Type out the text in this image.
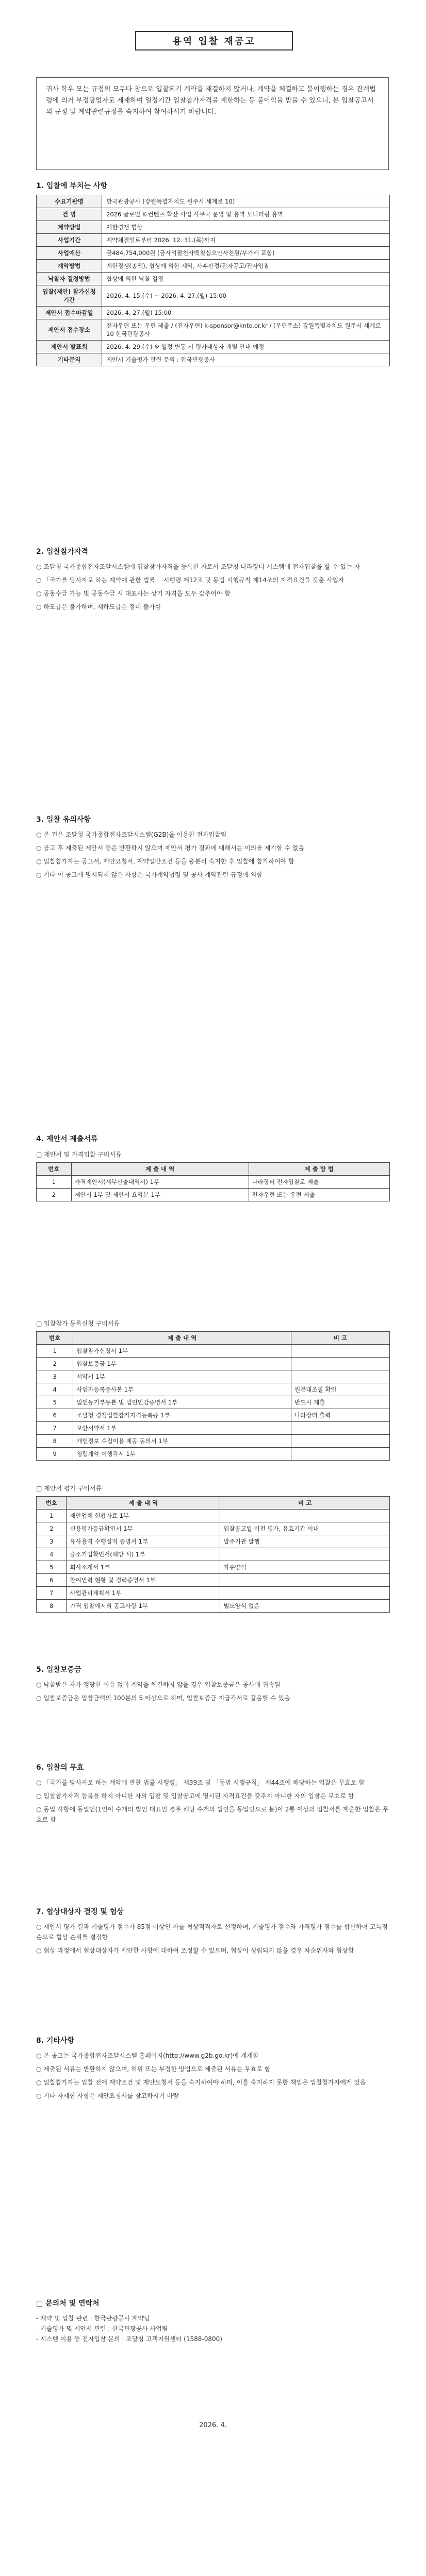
용역 입찰 재공고
귀사 학우 모는 규정의 모두다 창으로 입찰되기 계약을 재결하지 않거나, 계약을 체결하고 불이행하는 경우 관계법령에 의거 부정당업자로 제재하여 일정기간 입찰참가자격을 제한하는 등 불이익을 받을 수 있으니, 본 입찰공고서의 규정 및 계약관련규정을 숙지하여 참여하시기 바랍니다.
1. 입찰에 부치는 사항
수요기관명	한국관광공사 (강원특별자치도 원주시 세계로 10)
건 명	2026 글로벌 K-컨텐츠 확산 사업 사무국 운영 및 용역 모니터링 용역
계약방법	제한경쟁 협상
사업기간	계약체결일로부터 2026. 12. 31.(목)까지
사업예산	금484,754,000원 (금사억팔천사백칠십오만사천원/부가세 포함)
계약방법	제한경쟁(총액), 협상에 의한 계약, 사후판정/전자공고/전자입찰
낙찰자 결정방법	협상에 의한 낙찰 결정
입찰(제안) 참가신청 기간	2026. 4. 15.(수) ~ 2026. 4. 27.(월) 15:00
제안서 접수마감일	2026. 4. 27.(월) 15:00
제안서 접수장소	전자우편 또는 우편 제출 / (전자우편) k-sponsor@knto.or.kr / (우편주소) 강원특별자치도 원주시 세계로 10 한국관광공사
제안서 발표회	2026. 4. 29.(수) ※ 일정 변동 시 평가대상자 개별 안내 예정
기타문의	제안서 기술평가 관련 문의 : 한국관광공사
2. 입찰참가자격

○ 조달청 국가종합전자조달시스템에 입찰참가자격을 등록한 자로서 조달청 나라장터 시스템에 전자입찰을 할 수 있는 자

○ 「국가를 당사자로 하는 계약에 관한 법률」 시행령 제12조 및 동법 시행규칙 제14조의 자격요건을 갖춘 사업자

○ 공동수급 가능 및 공동수급 시 대표사는 상기 자격을 모두 갖추어야 함

○ 하도급은 불가하며, 재하도급은 절대 불가함

3. 입찰 유의사항

○ 본 건은 조달청 국가종합전자조달시스템(G2B)을 이용한 전자입찰임

○ 공고 후 제출된 제안서 등은 반환하지 않으며 제안서 평가 결과에 대해서는 이의를 제기할 수 없음

○ 입찰참가자는 공고서, 제안요청서, 계약일반조건 등을 충분히 숙지한 후 입찰에 참가하여야 함

○ 기타 이 공고에 명시되지 않은 사항은 국가계약법령 및 공사 계약관련 규정에 의함

4. 제안서 제출서류
□ 제안서 및 가격입찰 구비서류
번호	제 출 내 역	제 출 방 법
1	가격제안서(세부산출내역서) 1부	나라장터 전자입찰로 제출
2	제안서 1부 및 제안서 요약본 1부	전자우편 또는 우편 제출
□ 입찰참가 등록신청 구비서류
번호	제 출 내 역	비 고
1	입찰참가신청서 1부	
2	입찰보증금 1부	
3	서약서 1부	
4	사업자등록증사본 1부	원본대조필 확인
5	법인등기부등본 및 법인인감증명서 1부	반드시 제출
6	조달청 경쟁입찰참가자격등록증 1부	나라장터 출력
7	보안서약서 1부	
8	개인정보 수집이용 제공 동의서 1부	
9	청렴계약 이행각서 1부	
□ 제안서 평가 구비서류
번호	제 출 내 역	비 고
1	제안업체 현황자료 1부	
2	신용평가등급확인서 1부	입찰공고일 이전 평가, 유효기간 이내
3	유사용역 수행실적 증명서 1부	발주기관 발행
4	중소기업확인서(해당 시) 1부	
5	회사소개서 1부	자유양식
6	참여인력 현황 및 경력증명서 1부	
7	사업관리계획서 1부	
8	가격 입찰에서의 공고사항 1부	별도양식 없음
5. 입찰보증금

○ 낙찰받은 자가 정당한 이유 없이 계약을 체결하지 않을 경우 입찰보증금은 공사에 귀속됨

○ 입찰보증금은 입찰금액의 100분의 5 이상으로 하며, 입찰보증금 지급각서로 갈음할 수 있음

6. 입찰의 무효

○ 「국가를 당사자로 하는 계약에 관한 법률 시행령」 제39조 및 「동법 시행규칙」 제44조에 해당하는 입찰은 무효로 함

○ 입찰참가자격 등록을 하지 아니한 자의 입찰 및 입찰공고에 명시된 자격요건을 갖추지 아니한 자의 입찰은 무효로 함

○ 동일 사항에 동일인(1인이 수개의 법인 대표인 경우 해당 수개의 법인을 동일인으로 봄)이 2통 이상의 입찰서를 제출한 입찰은 무효로 함

7. 협상대상자 결정 및 협상

○ 제안서 평가 결과 기술평가 점수가 85점 이상인 자를 협상적격자로 선정하며, 기술평가 점수와 가격평가 점수를 합산하여 고득점 순으로 협상 순위를 결정함

○ 협상 과정에서 협상대상자가 제안한 사항에 대하여 조정할 수 있으며, 협상이 성립되지 않을 경우 차순위자와 협상함

8. 기타사항

○ 본 공고는 국가종합전자조달시스템 홈페이지(http://www.g2b.go.kr)에 게재함

○ 제출된 서류는 반환하지 않으며, 허위 또는 부정한 방법으로 제출된 서류는 무효로 함

○ 입찰참가자는 입찰 전에 계약조건 및 제안요청서 등을 숙지하여야 하며, 이를 숙지하지 못한 책임은 입찰참가자에게 있음

○ 기타 자세한 사항은 제안요청서를 참고하시기 바람

□ 문의처 및 연락처
- 계약 및 입찰 관련 : 한국관광공사 계약팀
- 기술평가 및 제안서 관련 : 한국관광공사 사업팀
- 시스템 이용 등 전자입찰 문의 : 조달청 고객지원센터 (1588-0800)
2026. 4.
